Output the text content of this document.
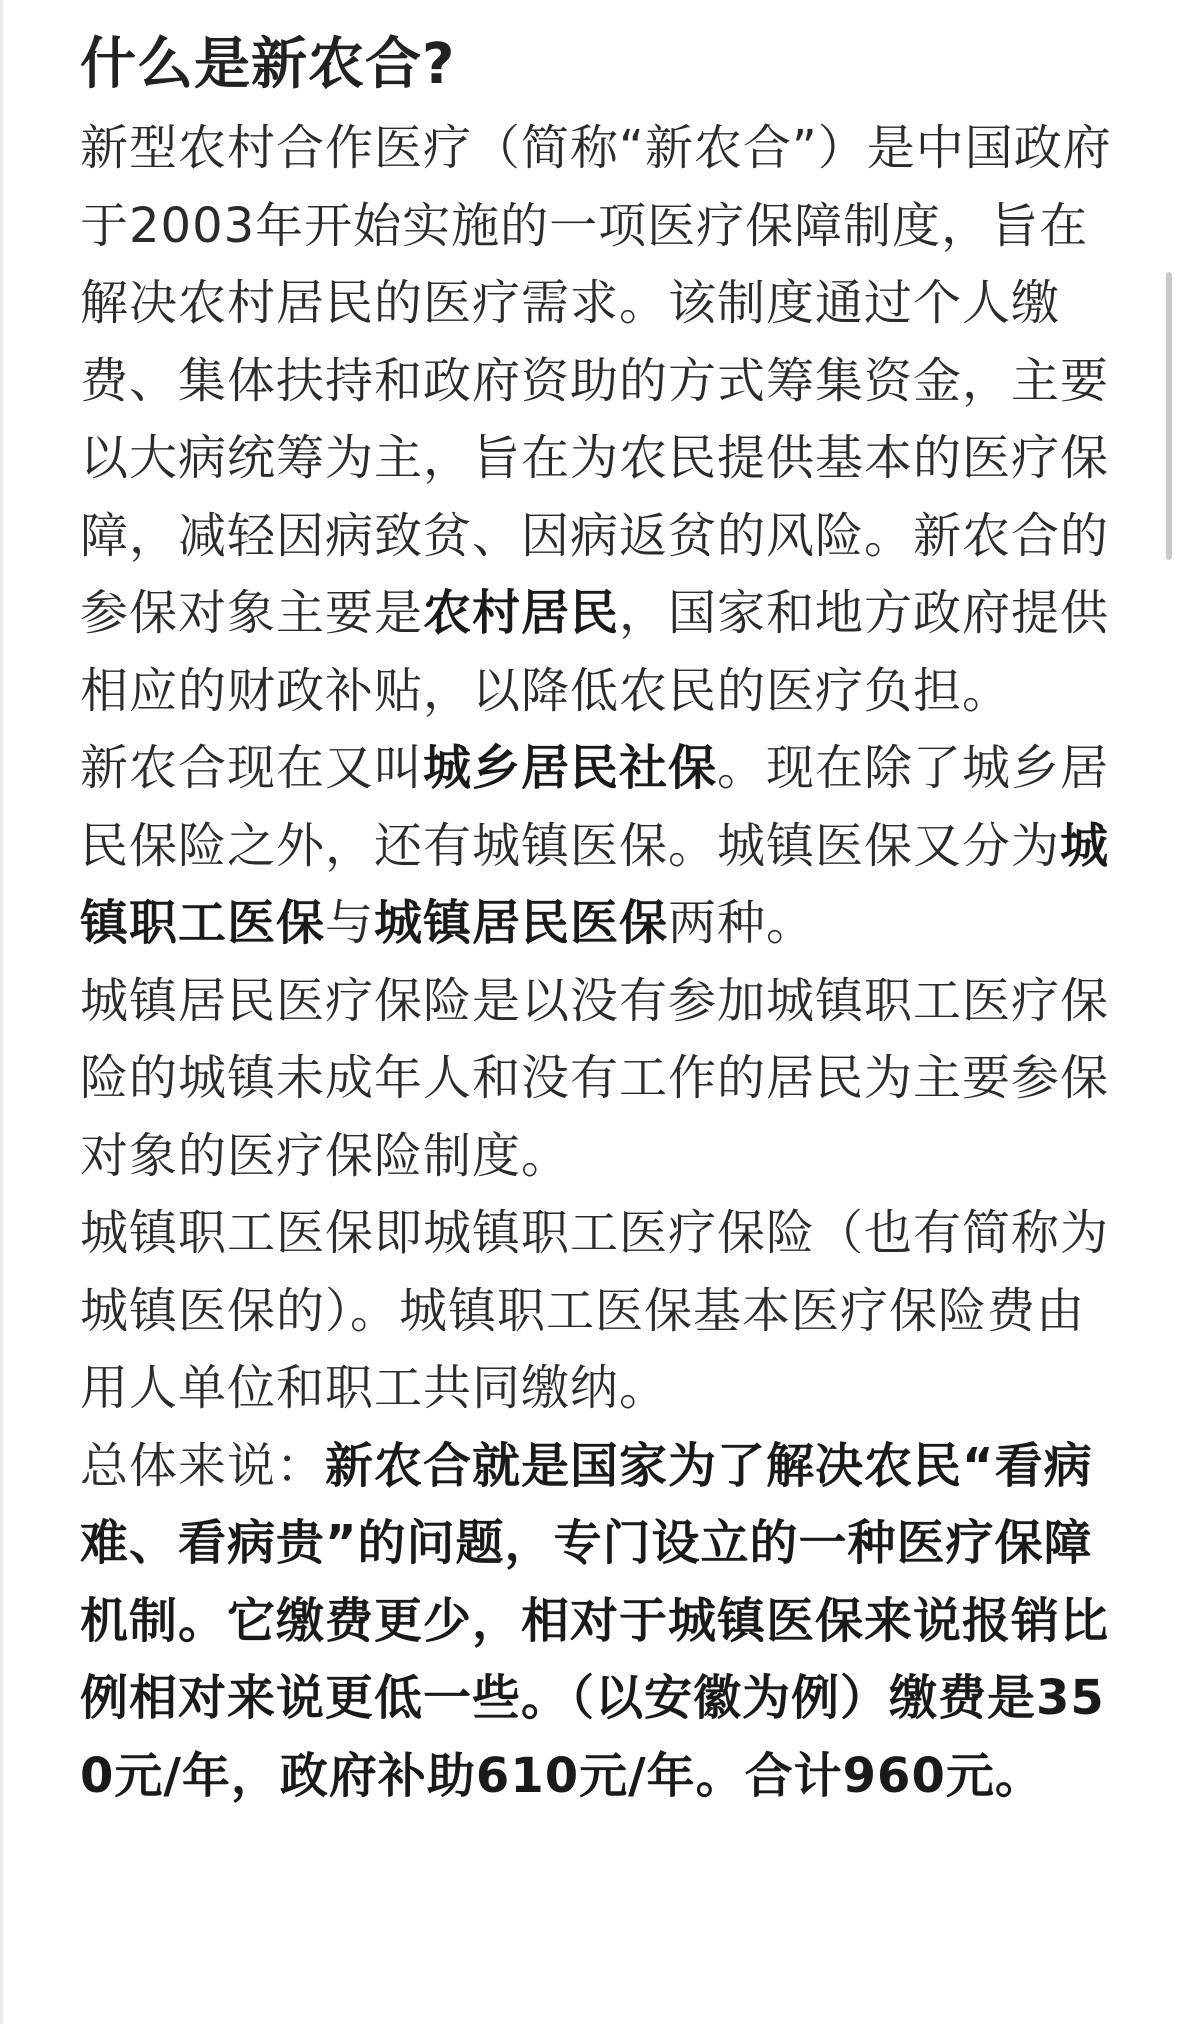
什么是新农合?

新型农村合作医疗（简称“新农合”）是中国政府于2003年开始实施的一项医疗保障制度，旨在解决农村居民的医疗需求。该制度通过个人缴费、集体扶持和政府资助的方式筹集资金，主要以大病统筹为主，旨在为农民提供基本的医疗保障，减轻因病致贫、因病返贫的风险。新农合的参保对象主要是农村居民，国家和地方政府提供相应的财政补贴，以降低农民的医疗负担。

新农合现在又叫城乡居民社保。现在除了城乡居民保险之外，还有城镇医保。城镇医保又分为城镇职工医保与城镇居民医保两种。

城镇居民医疗保险是以没有参加城镇职工医疗保险的城镇未成年人和没有工作的居民为主要参保对象的医疗保险制度。

城镇职工医保即城镇职工医疗保险（也有简称为城镇医保的）。城镇职工医保基本医疗保险费由用人单位和职工共同缴纳。

总体来说：新农合就是国家为了解决农民“看病难、看病贵”的问题，专门设立的一种医疗保障机制。它缴费更少，相对于城镇医保来说报销比例相对来说更低一些。（以安徽为例）缴费是350元/年，政府补助610元/年。合计960元。
